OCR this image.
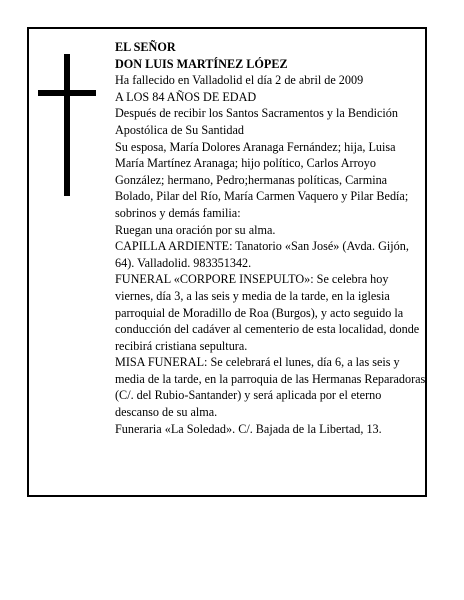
EL SEÑOR

DON LUIS MARTÍNEZ LÓPEZ

Ha fallecido en Valladolid el día 2 de abril de 2009

A LOS 84 AÑOS DE EDAD

Después de recibir los Santos Sacramentos y la Bendición Apostólica de Su Santidad

Su esposa, María Dolores Aranaga Fernández; hija, Luisa María Martínez Aranaga; hijo político, Carlos Arroyo González; hermano, Pedro;hermanas políticas, Carmina Bolado, Pilar del Río, María Carmen Vaquero y Pilar Bedía; sobrinos y demás familia:

Ruegan una oración por su alma.

CAPILLA ARDIENTE: Tanatorio «San José» (Avda. Gijón, 64). Valladolid. 983351342.

FUNERAL «CORPORE INSEPULTO»: Se celebra hoy viernes, día 3, a las seis y media de la tarde, en la iglesia parroquial de Moradillo de Roa (Burgos), y acto seguido la conducción del cadáver al cementerio de esta localidad, donde recibirá cristiana sepultura.

MISA FUNERAL: Se celebrará el lunes, día 6, a las seis y media de la tarde, en la parroquia de las Hermanas Reparadoras (C/. del Rubio-Santander) y será aplicada por el eterno descanso de su alma.

Funeraria «La Soledad». C/. Bajada de la Libertad, 13.
